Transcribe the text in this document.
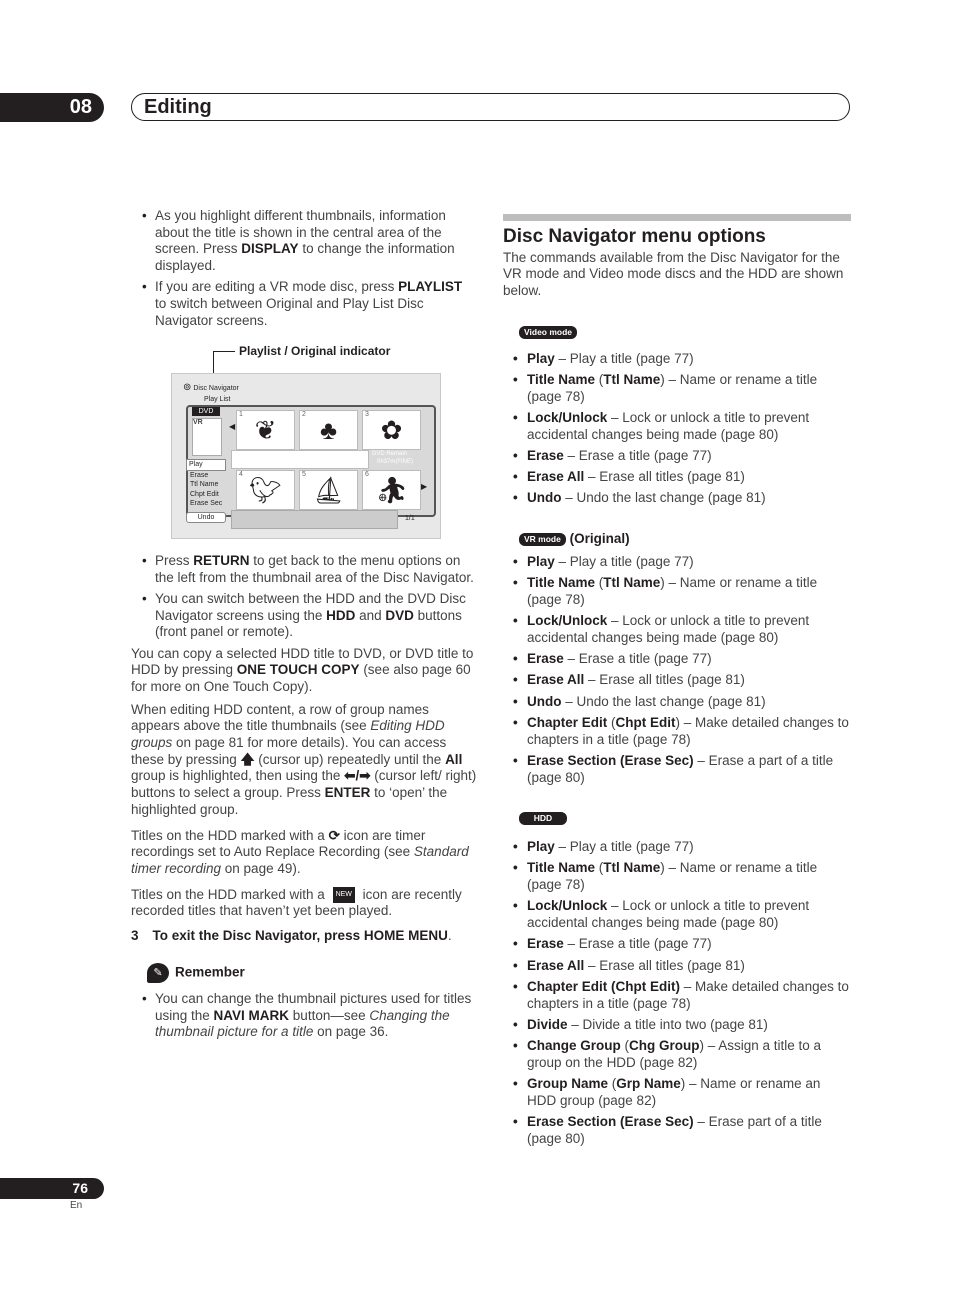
08	Editing
• As you highlight different thumbnails, information about the title is shown in the central area of the screen. Press DISPLAY to change the information displayed.
• If you are editing a VR mode disc, press PLAYLIST to switch between Original and Play List Disc Navigator screens.
Playlist / Original indicator
⊚ Disc Navigator
Play List
DVD
VR
Play
Erase
Ttl Name
Chpt Edit
Erase Sec
Undo
◀
▶
1 ❦	2 ♣	3 ✿
DVD Remain
0h37m(FINE)
4 🐦︎	5 ⛵︎	6 ⛹︎
1/1
• Press RETURN to get back to the menu options on the left from the thumbnail area of the Disc Navigator.
• You can switch between the HDD and the DVD Disc Navigator screens using the HDD and DVD buttons (front panel or remote).

You can copy a selected HDD title to DVD, or DVD title to HDD by pressing ONE TOUCH COPY (see also page 60 for more on One Touch Copy).

When editing HDD content, a row of group names appears above the title thumbnails (see Editing HDD groups on page 81 for more details). You can access these by pressing 🡅 (cursor up) repeatedly until the All group is highlighted, then using the ⬅/➡ (cursor left/ right) buttons to select a group. Press ENTER to ‘open’ the highlighted group.

Titles on the HDD marked with a ⟳ icon are timer recordings set to Auto Replace Recording (see Standard timer recording on page 49).

Titles on the HDD marked with a NEW icon are recently recorded titles that haven’t yet been played.

3 To exit the Disc Navigator, press HOME MENU.

✎ Remember
• You can change the thumbnail pictures used for titles using the NAVI MARK button—see Changing the thumbnail picture for a title on page 36.
Disc Navigator menu options

The commands available from the Disc Navigator for the VR mode and Video mode discs and the HDD are shown below.

Video mode
• Play – Play a title (page 77)
• Title Name (Ttl Name) – Name or rename a title (page 78)
• Lock/Unlock – Lock or unlock a title to prevent accidental changes being made (page 80)
• Erase – Erase a title (page 77)
• Erase All – Erase all titles (page 81)
• Undo – Undo the last change (page 81)
VR mode (Original)
• Play – Play a title (page 77)
• Title Name (Ttl Name) – Name or rename a title (page 78)
• Lock/Unlock – Lock or unlock a title to prevent accidental changes being made (page 80)
• Erase – Erase a title (page 77)
• Erase All – Erase all titles (page 81)
• Undo – Undo the last change (page 81)
• Chapter Edit (Chpt Edit) – Make detailed changes to chapters in a title (page 78)
• Erase Section (Erase Sec) – Erase a part of a title (page 80)
HDD
• Play – Play a title (page 77)
• Title Name (Ttl Name) – Name or rename a title (page 78)
• Lock/Unlock – Lock or unlock a title to prevent accidental changes being made (page 80)
• Erase – Erase a title (page 77)
• Erase All – Erase all titles (page 81)
• Chapter Edit (Chpt Edit) – Make detailed changes to chapters in a title (page 78)
• Divide – Divide a title into two (page 81)
• Change Group (Chg Group) – Assign a title to a group on the HDD (page 82)
• Group Name (Grp Name) – Name or rename an HDD group (page 82)
• Erase Section (Erase Sec) – Erase part of a title (page 80)
76
En
